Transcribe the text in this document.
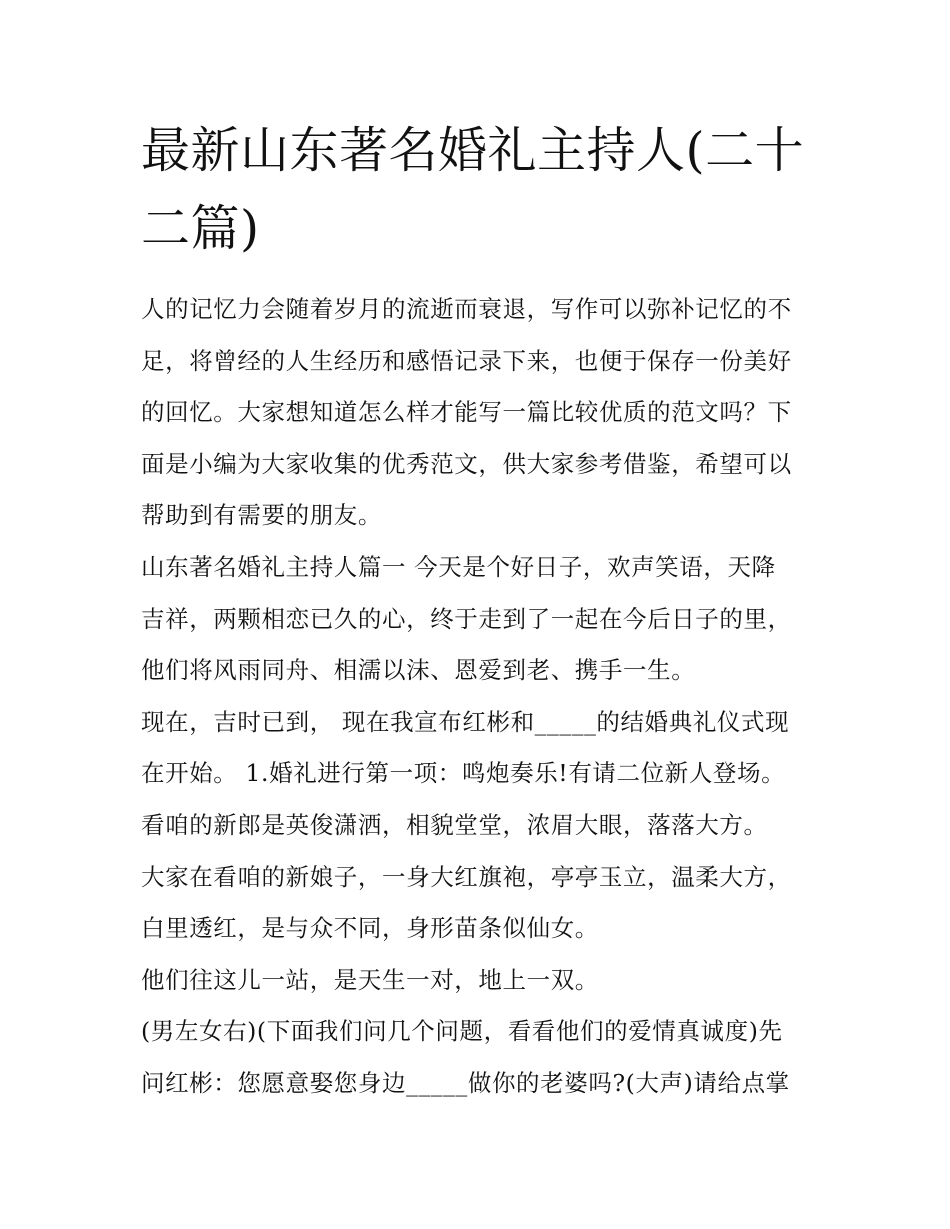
最新山东著名婚礼主持人(二十
二篇)
人的记忆力会随着岁月的流逝而衰退，写作可以弥补记忆的不
足，将曾经的人生经历和感悟记录下来，也便于保存一份美好
的回忆。大家想知道怎么样才能写一篇比较优质的范文吗？下
面是小编为大家收集的优秀范文，供大家参考借鉴，希望可以
帮助到有需要的朋友。
山东著名婚礼主持人篇一 今天是个好日子，欢声笑语，天降
吉祥，两颗相恋已久的心，终于走到了一起在今后日子的里，
他们将风雨同舟、相濡以沫、恩爱到老、携手一生。
现在，吉时已到， 现在我宣布红彬和_____的结婚典礼仪式现
在开始。 1.婚礼进行第一项：鸣炮奏乐!有请二位新人登场。
看咱的新郎是英俊潇洒，相貌堂堂，浓眉大眼，落落大方。
大家在看咱的新娘子，一身大红旗袍，亭亭玉立，温柔大方，
白里透红，是与众不同，身形苗条似仙女。
他们往这儿一站，是天生一对，地上一双。
(男左女右)(下面我们问几个问题，看看他们的爱情真诚度)先
问红彬：您愿意娶您身边_____做你的老婆吗?(大声)请给点掌
